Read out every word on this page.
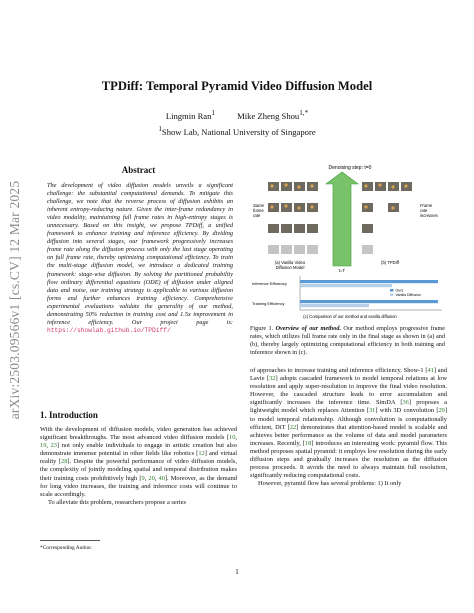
arXiv:2503.09566v1 [cs.CV] 12 Mar 2025
TPDiff: Temporal Pyramid Video Diffusion Model
Lingmin Ran$^1$	Mike Zheng Shou$^{1,*}$
$^1$Show Lab, National University of Singapore
Abstract
The development of video diffusion models unveils a significant challenge: the substantial computational demands. To mitigate this challenge, we note that the reverse process of diffusion exhibits an inherent entropy-reducing nature. Given the inter-frame redundancy in video modality, maintaining full frame rates in high-entropy stages is unnecessary. Based on this insight, we propose TPDiff, a unified framework to enhance training and inference efficiency. By dividing diffusion into several stages, our framework progressively increases frame rate along the diffusion process with only the last stage operating on full frame rate, thereby optimizing computational efficiency. To train the multi-stage diffusion model, we introduce a dedicated training framework: stage-wise diffusion. By solving the partitioned probability flow ordinary differential equations (ODE) of diffusion under aligned data and noise, our training strategy is applicable to various diffusion forms and further enhances training efficiency. Comprehensive experimental evaluations validate the generality of our method, demonstrating 50% reduction in training cost and 1.5x improvement in inference efficiency. Our project page is: https://showlab.github.io/TPDiff/
1. Introduction
With the development of diffusion models, video generation has achieved significant breakthroughs. The most advanced video diffusion models [10, 19, 23] not only enable individuals to engage in artistic creation but also demonstrate immense potential in other fields like robotics [12] and virtual reality [28]. Despite the powerful performance of video diffusion models, the complexity of jointly modeling spatial and temporal distribution makes their training costs prohibitively high [9, 20, 40]. Moreover, as the demand for long video increases, the training and inference costs will continue to scale accordingly.
To alleviate this problem, researchers propose a series
*Corresponding Author.
Denoising step: t=0
Same frame rate
t=T
Frame rate increases
(a) Vanilla Video Diffusion Model
(b) TPDiff
Inference Efficiency
Training Efficiency
Ours
Vanilla Diffusion
(c) Comparison of our method and vanilla diffusion
Figure 1. Overview of our method. Our method employs progressive frame rates, which utilizes full frame rate only in the final stage as shown in (a) and (b), thereby largely optimizing computational efficiency in both training and inference shown in (c).

of approaches to increase training and inference efficiency. Show-1 [41] and Lavie [32] adopts cascaded framework to model temporal relations at low resolution and apply super-resolution to improve the final video resolution. However, the cascaded structure leads to error accumulation and significantly increases the inference time. SimDA [36] proposes a lightweight model which replaces Attention [31] with 3D convolution [29] to model temporal relationship. Although convolution is computationally efficient, DiT [22] demonstrates that attention-based model is scalable and achieves better performance as the volume of data and model parameters increases. Recently, [18] introduces an interesting work: pyramid flow. This method proposes spatial pyramid: it employs low resolution during the early diffusion steps and gradually increases the resolution as the diffusion process proceeds. It avoids the need to always maintain full resolution, significantly reducing computational costs.

However, pyramid flow has several problems: 1) It only

1
